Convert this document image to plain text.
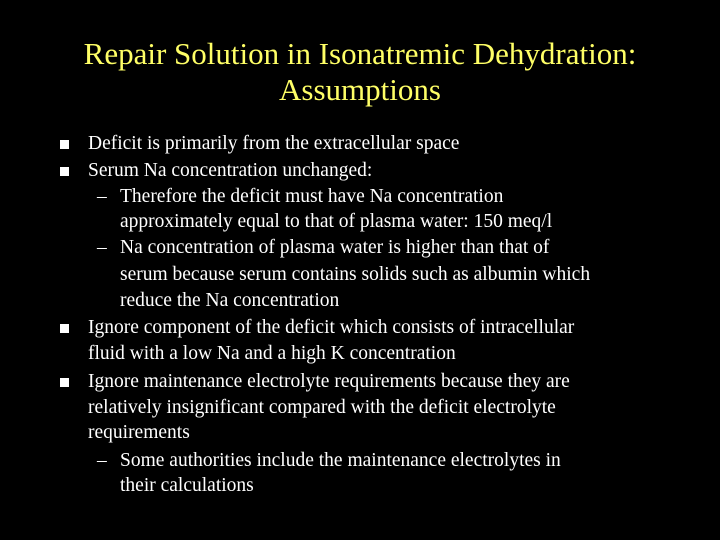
Repair Solution in Isonatremic Dehydration:
Assumptions
Deficit is primarily from the extracellular space
Serum Na concentration unchanged:
– Therefore the deficit must have Na concentration
approximately equal to that of plasma water: 150 meq/l
– Na concentration of plasma water is higher than that of
serum because serum contains solids such as albumin which
reduce the Na concentration
Ignore component of the deficit which consists of intracellular
fluid with a low Na and a high K concentration
Ignore maintenance electrolyte requirements because they are
relatively insignificant compared with the deficit electrolyte
requirements
– Some authorities include the maintenance electrolytes in
their calculations
